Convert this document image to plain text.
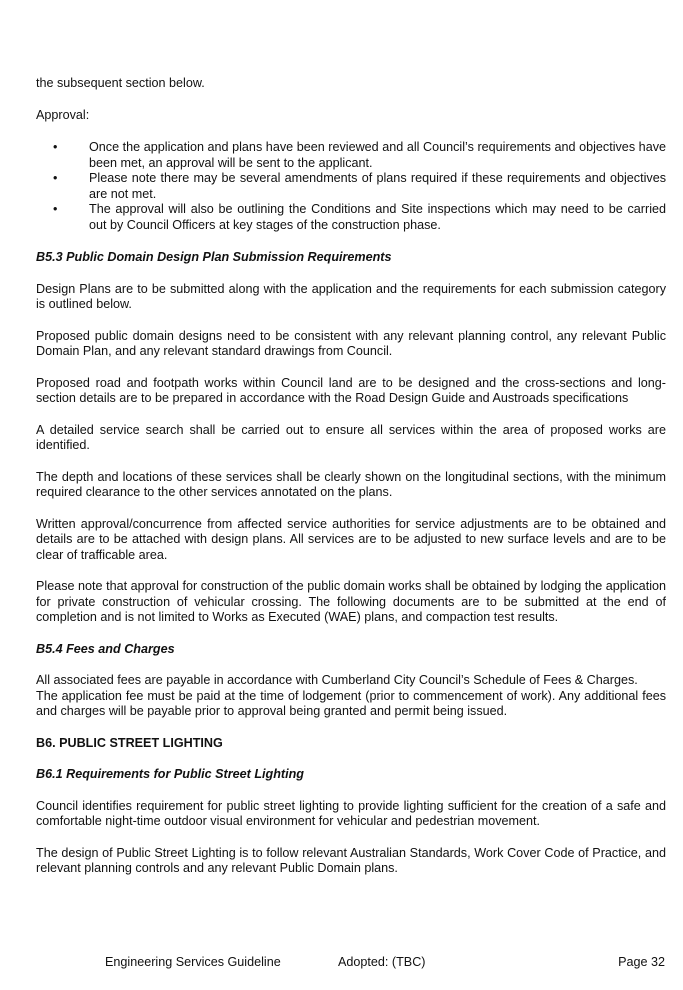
the subsequent section below.

Approval:

•	Once the application and plans have been reviewed and all Council’s requirements and objectives have been met, an approval will be sent to the applicant.
•	Please note there may be several amendments of plans required if these requirements and objectives are not met.
•	The approval will also be outlining the Conditions and Site inspections which may need to be carried out by Council Officers at key stages of the construction phase.
B5.3 Public Domain Design Plan Submission Requirements

Design Plans are to be submitted along with the application and the requirements for each submission category is outlined below.

Proposed public domain designs need to be consistent with any relevant planning control, any relevant Public Domain Plan, and any relevant standard drawings from Council.

Proposed road and footpath works within Council land are to be designed and the cross-sections and long-section details are to be prepared in accordance with the Road Design Guide and Austroads specifications

A detailed service search shall be carried out to ensure all services within the area of proposed works are identified.

The depth and locations of these services shall be clearly shown on the longitudinal sections, with the minimum required clearance to the other services annotated on the plans.

Written approval/concurrence from affected service authorities for service adjustments are to be obtained and details are to be attached with design plans. All services are to be adjusted to new surface levels and are to be clear of trafficable area.

Please note that approval for construction of the public domain works shall be obtained by lodging the application for private construction of vehicular crossing. The following documents are to be submitted at the end of completion and is not limited to Works as Executed (WAE) plans, and compaction test results.

B5.4 Fees and Charges

All associated fees are payable in accordance with Cumberland City Council’s Schedule of Fees & Charges.

The application fee must be paid at the time of lodgement (prior to commencement of work). Any additional fees and charges will be payable prior to approval being granted and permit being issued.

B6. PUBLIC STREET LIGHTING
B6.1 Requirements for Public Street Lighting

Council identifies requirement for public street lighting to provide lighting sufficient for the creation of a safe and comfortable night-time outdoor visual environment for vehicular and pedestrian movement.

The design of Public Street Lighting is to follow relevant Australian Standards, Work Cover Code of Practice, and relevant planning controls and any relevant Public Domain plans.

Engineering Services Guideline	Adopted: (TBC)	Page 32
